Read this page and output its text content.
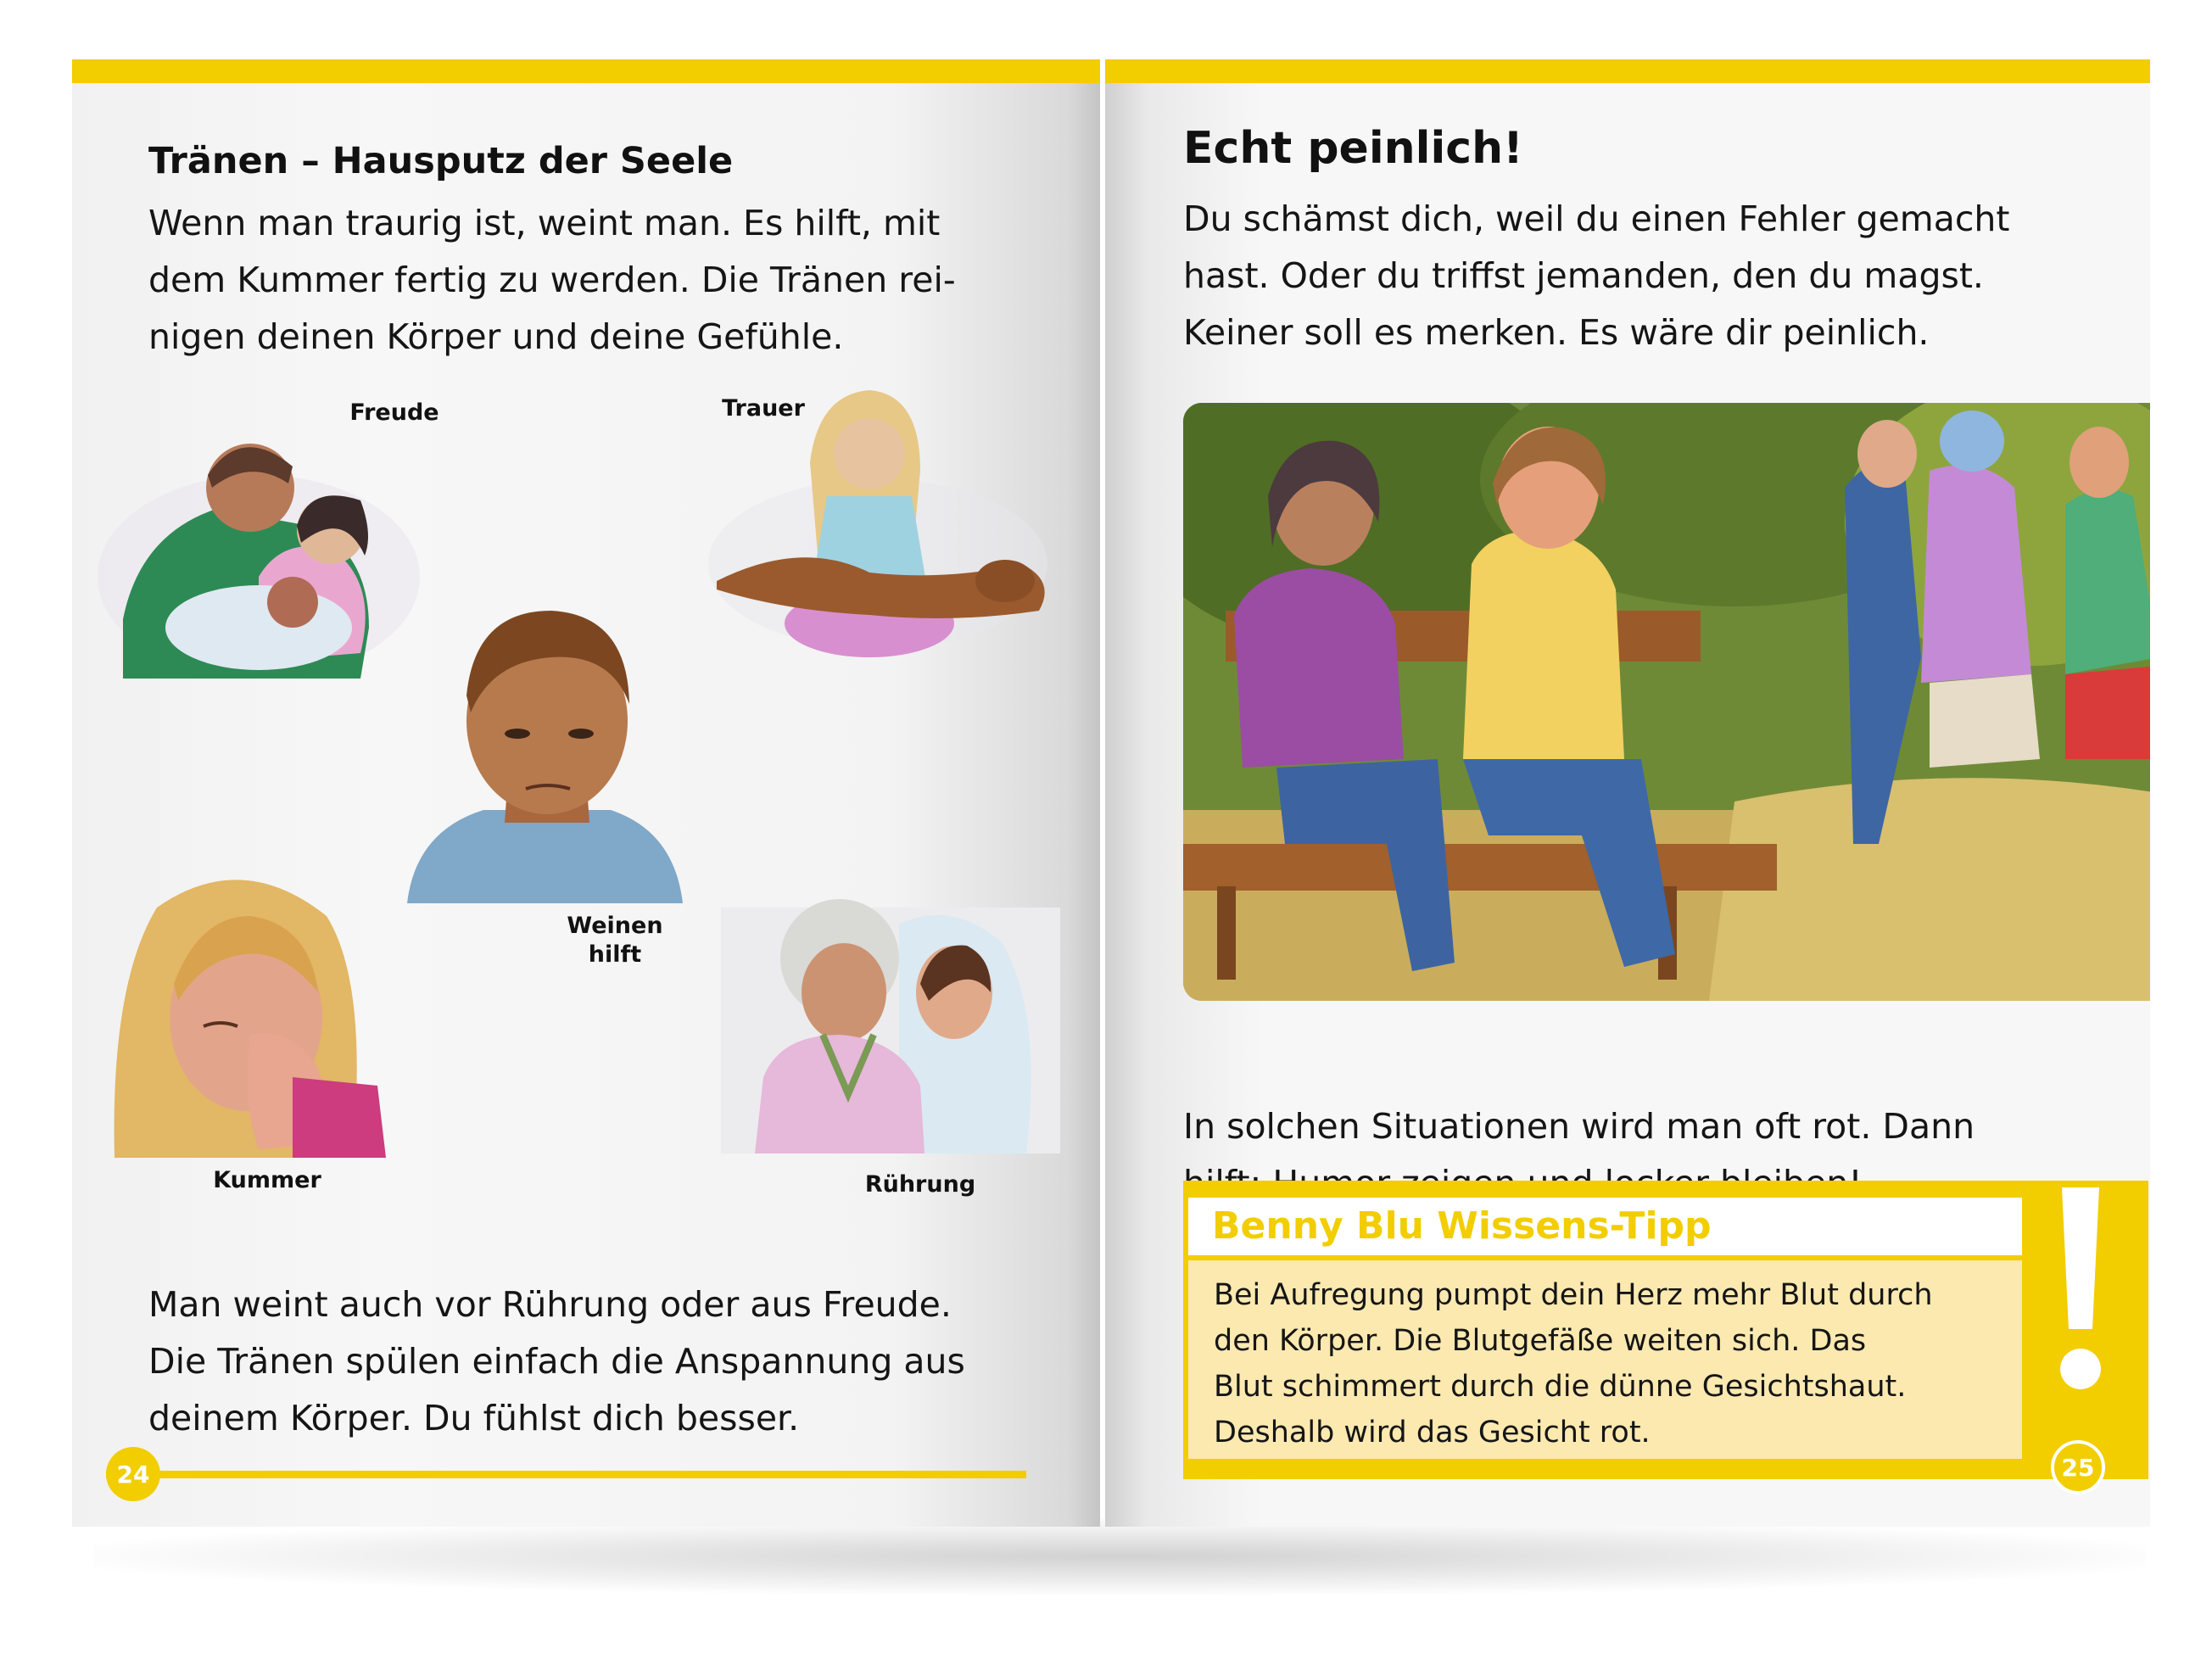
Tränen – Hausputz der Seele
Wenn man traurig ist, weint man. Es hilft, mit
dem Kummer fertig zu werden. Die Tränen rei-
nigen deinen Körper und deine Gefühle.
Freude	Trauer
Weinen
hilft
Kummer	Rührung
Man weint auch vor Rührung oder aus Freude.
Die Tränen spülen einfach die Anspannung aus
deinem Körper. Du fühlst dich besser.
24
Echt peinlich!
Du schämst dich, weil du einen Fehler gemacht
hast. Oder du triffst jemanden, den du magst.
Keiner soll es merken. Es wäre dir peinlich.
In solchen Situationen wird man oft rot. Dann
Benny Blu Wissens-Tipp
Bei Aufregung pumpt dein Herz mehr Blut durch
den Körper. Die Blutgefäße weiten sich. Das
Blut schimmert durch die dünne Gesichtshaut.
Deshalb wird das Gesicht rot.
25
